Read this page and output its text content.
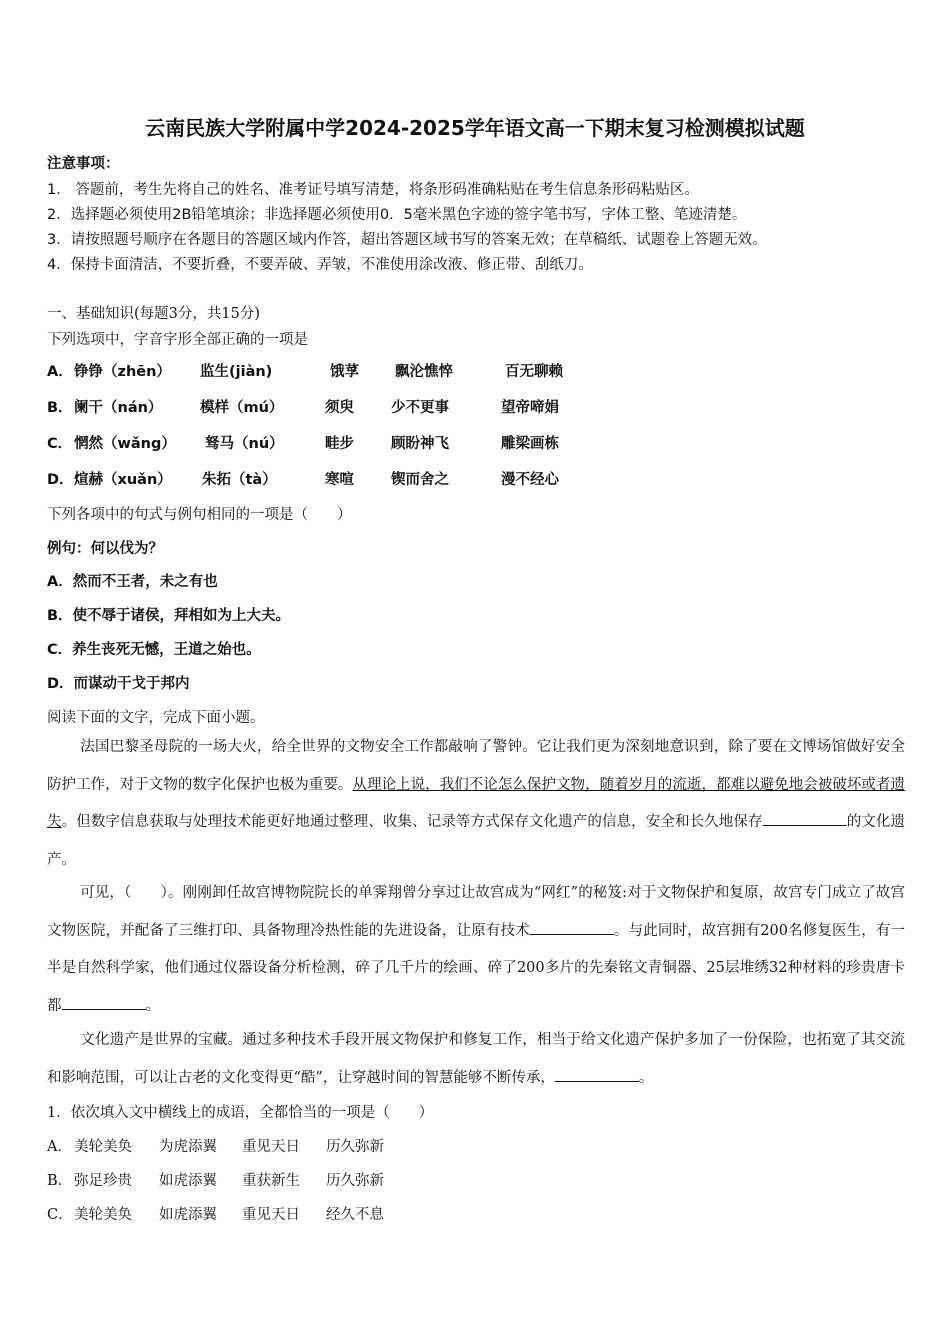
云南民族大学附属中学2024-2025学年语文高一下期末复习检测模拟试题
注意事项：
1． 答题前，考生先将自己的姓名、准考证号填写清楚，将条形码准确粘贴在考生信息条形码粘贴区。
2．选择题必须使用2B铅笔填涂；非选择题必须使用0．5毫米黑色字迹的签字笔书写，字体工整、笔迹清楚。
3．请按照题号顺序在各题目的答题区域内作答，超出答题区域书写的答案无效；在草稿纸、试题卷上答题无效。
4．保持卡面清洁，不要折叠，不要弄破、弄皱，不准使用涂改液、修正带、刮纸刀。
一、基础知识(每题3分，共15分)
下列选项中，字音字形全部正确的一项是
A． 铮铮（zhēn） 监生(jiàn)	饿莩 飘沦憔悴	百无聊赖
B． 阑干（nán）	模样（mú）	须臾	少不更事	望帝啼娟
C． 惘然（wǎng） 驽马（nú）	畦步	顾盼神飞	雕梁画栋
D． 煊赫（xuǎn） 朱拓（tà）	寒喧	锲而舍之	漫不经心
下列各项中的句式与例句相同的一项是（　　）
例句：何以伐为？
A．然而不王者，未之有也
B．使不辱于诸侯，拜相如为上大夫。
C．养生丧死无憾，王道之始也。
D．而谋动干戈于邦内
阅读下面的文字，完成下面小题。
法国巴黎圣母院的一场大火，给全世界的文物安全工作都敲响了警钟。它让我们更为深刻地意识到，除了要在文博场馆做好安全防护工作，对于文物的数字化保护也极为重要。从理论上说，我们不论怎么保护文物，随着岁月的流逝，都难以避免地会被破坏或者遗失。但数字信息获取与处理技术能更好地通过整理、收集、记录等方式保存文化遗产的信息，安全和长久地保存	的文化遗产。
可见，（　　）。刚刚卸任故宫博物院院长的单霁翔曾分享过让故宫成为“网红”的秘笈:对于文物保护和复原，故宫专门成立了故宫文物医院，并配备了三维打印、具备物理冷热性能的先进设备，让原有技术	。与此同时，故宫拥有200名修复医生，有一半是自然科学家，他们通过仪器设备分析检测，碎了几千片的绘画、碎了200多片的先秦铭文青铜器、25层堆绣32种材料的珍贵唐卡都	。
文化遗产是世界的宝藏。通过多种技术手段开展文物保护和修复工作，相当于给文化遗产保护多加了一份保险，也拓宽了其交流和影响范围，可以让古老的文化变得更“酷”，让穿越时间的智慧能够不断传承，	。
1．依次填入文中横线上的成语，全都恰当的一项是（　　）
A． 美轮美奂 为虎添翼 重见天日 历久弥新
B． 弥足珍贵 如虎添翼 重获新生 历久弥新
C． 美轮美奂 如虎添翼 重见天日 经久不息
